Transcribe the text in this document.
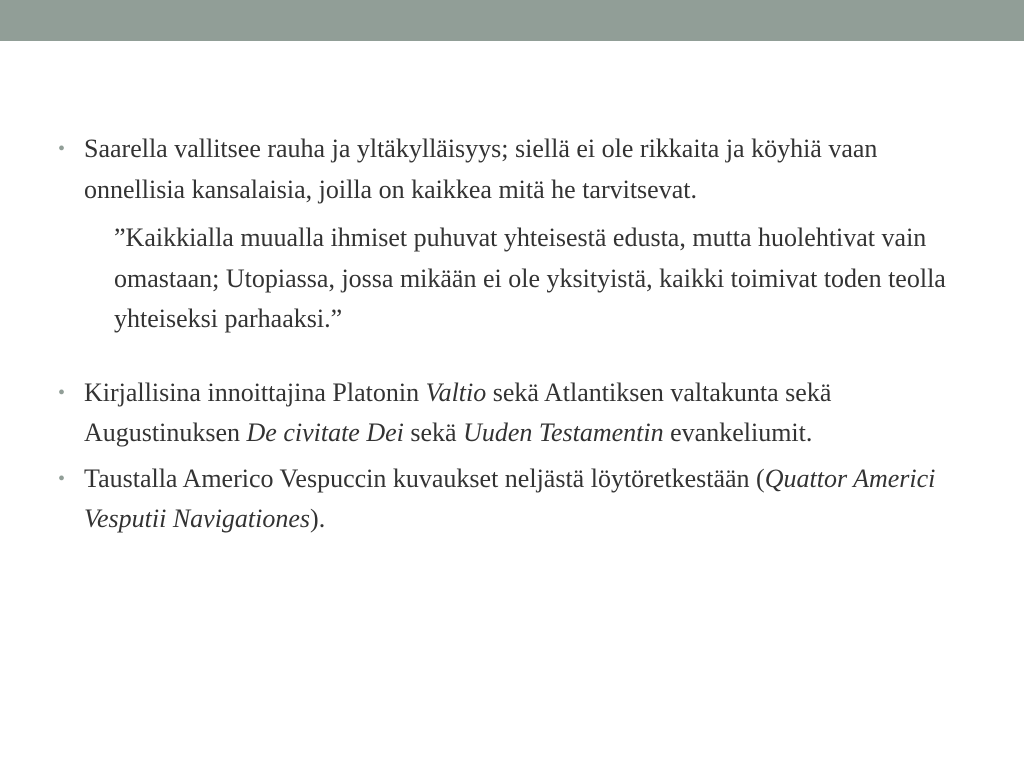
• Saarella vallitsee rauha ja yltäkylläisyys; siellä ei ole rikkaita ja köyhiä vaan onnellisia kansalaisia, joilla on kaikkea mitä he tarvitsevat.
”Kaikkialla muualla ihmiset puhuvat yhteisestä edusta, mutta huolehtivat vain omastaan; Utopiassa, jossa mikään ei ole yksityistä, kaikki toimivat toden teolla yhteiseksi parhaaksi.”
• Kirjallisina innoittajina Platonin Valtio sekä Atlantiksen valtakunta sekä Augustinuksen De civitate Dei sekä Uuden Testamentin evankeliumit.
• Taustalla Americo Vespuccin kuvaukset neljästä löytöretkestään (Quattor Americi Vesputii Navigationes).
